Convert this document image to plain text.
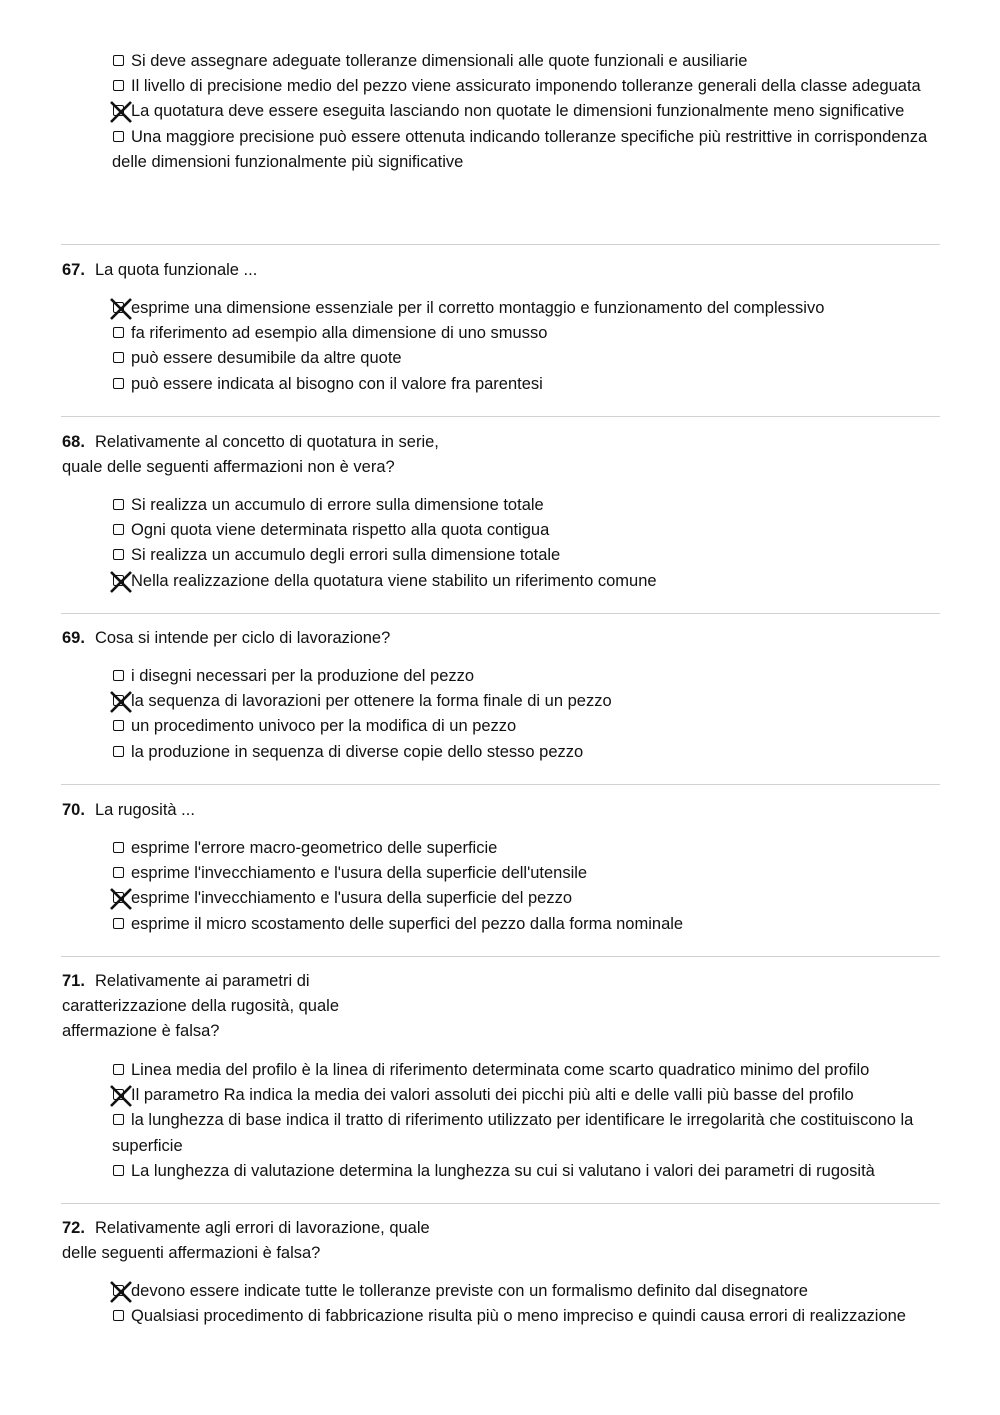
Si deve assegnare adeguate tolleranze dimensionali alle quote funzionali e ausiliarie
Il livello di precisione medio del pezzo viene assicurato imponendo tolleranze generali della classe adeguata
La quotatura deve essere eseguita lasciando non quotate le dimensioni funzionalmente meno significative
Una maggiore precisione può essere ottenuta indicando tolleranze specifiche più restrittive in corrispondenza delle dimensioni funzionalmente più significative
67. La quota funzionale ...
esprime una dimensione essenziale per il corretto montaggio e funzionamento del complessivo
fa riferimento ad esempio alla dimensione di uno smusso
può essere desumibile da altre quote
può essere indicata al bisogno con il valore fra parentesi
68. Relativamente al concetto di quotatura in serie,
quale delle seguenti affermazioni non è vera?
Si realizza un accumulo di errore sulla dimensione totale
Ogni quota viene determinata rispetto alla quota contigua
Si realizza un accumulo degli errori sulla dimensione totale
Nella realizzazione della quotatura viene stabilito un riferimento comune
69. Cosa si intende per ciclo di lavorazione?
i disegni necessari per la produzione del pezzo
la sequenza di lavorazioni per ottenere la forma finale di un pezzo
un procedimento univoco per la modifica di un pezzo
la produzione in sequenza di diverse copie dello stesso pezzo
70. La rugosità ...
esprime l'errore macro-geometrico delle superficie
esprime l'invecchiamento e l'usura della superficie dell'utensile
esprime l'invecchiamento e l'usura della superficie del pezzo
esprime il micro scostamento delle superfici del pezzo dalla forma nominale
71. Relativamente ai parametri di
caratterizzazione della rugosità, quale
affermazione è falsa?
Linea media del profilo è la linea di riferimento determinata come scarto quadratico minimo del profilo
Il parametro Ra indica la media dei valori assoluti dei picchi più alti e delle valli più basse del profilo
la lunghezza di base indica il tratto di riferimento utilizzato per identificare le irregolarità che costituiscono la superficie
La lunghezza di valutazione determina la lunghezza su cui si valutano i valori dei parametri di rugosità
72. Relativamente agli errori di lavorazione, quale
delle seguenti affermazioni è falsa?
devono essere indicate tutte le tolleranze previste con un formalismo definito dal disegnatore
Qualsiasi procedimento di fabbricazione risulta più o meno impreciso e quindi causa errori di realizzazione
